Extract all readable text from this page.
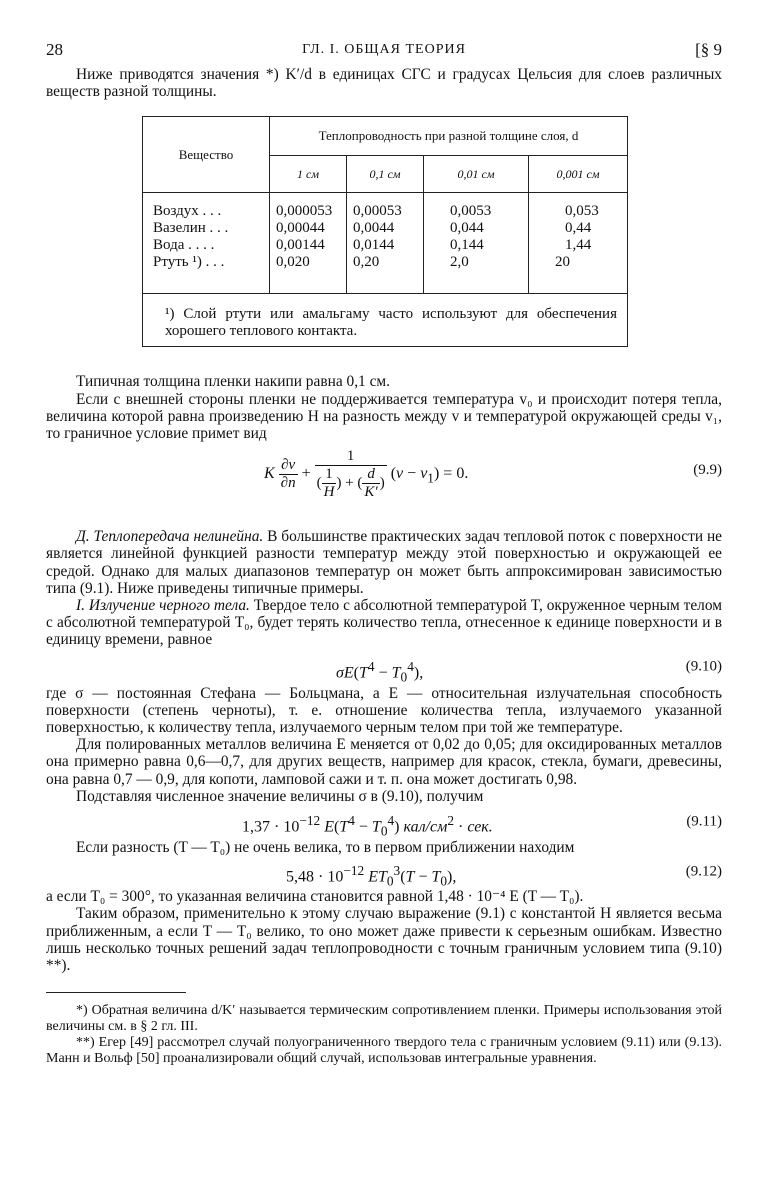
28	ГЛ. I. ОБЩАЯ ТЕОРИЯ	[§ 9

Ниже приводятся значения *) K′/d в единицах СГС и градусах Цельсия для слоев различных веществ разной толщины.

Вещество	Теплопроводность при разной толщине слоя, d			
	1 см	0,1 см	0,01 см	0,001 см
Воздух . . .	0,000053	0,00053	0,0053	0,053
Вазелин . . .	0,00044	0,0044	0,044	0,44
Вода . . . .	0,00144	0,0144	0,144	1,44
Ртуть ¹) . . .	0,020	0,20	2,0	20
¹) Слой ртути или амальгаму часто используют для обеспечения хорошего теплового контакта.

Типичная толщина пленки накипи равна 0,1 см.

Если с внешней стороны пленки не поддерживается температура v₀ и происходит потеря тепла, величина которой равна произведению H на разность между v и температурой окружающей среды v₁, то граничное условие примет вид

K $\frac{\partial v}{\partial n} + \frac{1}{( \frac{1}{H} ) + ( \frac{d}{K'} )} (v - v_1) = 0$.	(9.9)

Д. Теплопередача нелинейна. В большинстве практических задач тепловой поток с поверхности не является линейной функцией разности температур между этой поверхностью и окружающей ее средой. Однако для малых диапазонов температур он может быть аппроксимирован зависимостью типа (9.1). Ниже приведены типичные примеры.

I. Излучение черного тела. Твердое тело с абсолютной температурой T, окруженное черным телом с абсолютной температурой T₀, будет терять количество тепла, отнесенное к единице поверхности и в единицу времени, равное

$\sigma E(T^4 - T_0^4)$,	(9.10)

где σ — постоянная Стефана — Больцмана, а E — относительная излучательная способность поверхности (степень черноты), т. е. отношение количества тепла, излучаемого указанной поверхностью, к количеству тепла, излучаемого черным телом при той же температуре.

Для полированных металлов величина E меняется от 0,02 до 0,05; для оксидированных металлов она примерно равна 0,6—0,7, для других веществ, например для красок, стекла, бумаги, древесины, она равна 0,7 — 0,9, для копоти, ламповой сажи и т. п. она может достигать 0,98.

Подставляя численное значение величины σ в (9.10), получим

$1,37 \cdot 10^{-12}$ $E(T^4 - T_0^4) кал/см^2$ · сек.	(9.11)

Если разность (T — T₀) не очень велика, то в первом приближении находим

$5,48 \cdot 10^{-12}$ $ET_0^3(T - T_0)$,	(9.12)

а если T₀ = 300°, то указанная величина становится равной 1,48 · 10⁻⁴ E (T — T₀).

Таким образом, применительно к этому случаю выражение (9.1) с константой H является весьма приближенным, а если T — T₀ велико, то оно может даже привести к серьезным ошибкам. Известно лишь несколько точных решений задач теплопроводности с точным граничным условием типа (9.10) **).

*) Обратная величина d/K′ называется термическим сопротивлением пленки. Примеры использования этой величины см. в § 2 гл. III.

**) Егер [49] рассмотрел случай полуограниченного твердого тела с граничным условием (9.11) или (9.13). Манн и Вольф [50] проанализировали общий случай, использовав интегральные уравнения.
